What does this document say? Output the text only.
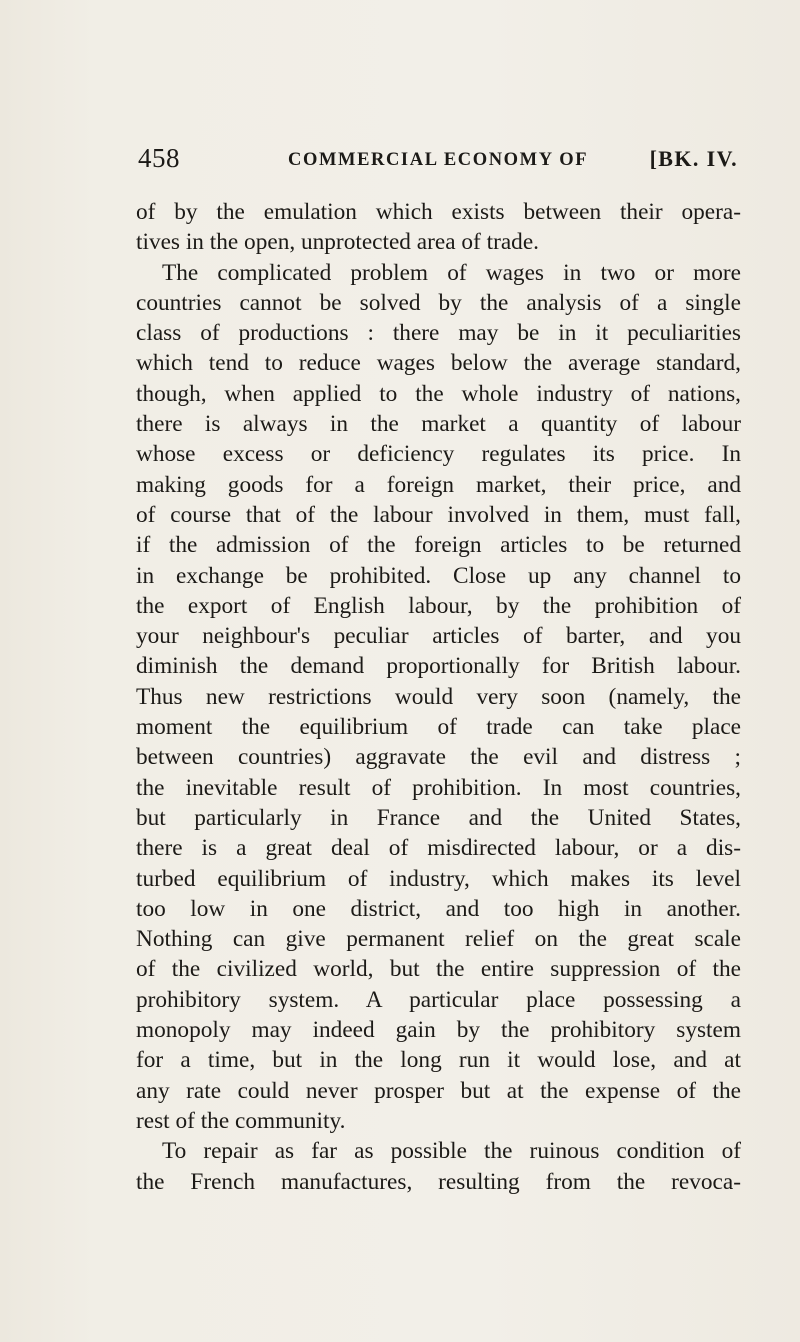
458	COMMERCIAL ECONOMY OF	[BK. IV.
of by the emulation which exists between their opera-
tives in the open, unprotected area of trade.
The complicated problem of wages in two or more
countries cannot be solved by the analysis of a single
class of productions : there may be in it peculiarities
which tend to reduce wages below the average standard,
though, when applied to the whole industry of nations,
there is always in the market a quantity of labour
whose excess or deficiency regulates its price. In
making goods for a foreign market, their price, and
of course that of the labour involved in them, must fall,
if the admission of the foreign articles to be returned
in exchange be prohibited. Close up any channel to
the export of English labour, by the prohibition of
your neighbour's peculiar articles of barter, and you
diminish the demand proportionally for British labour.
Thus new restrictions would very soon (namely, the
moment the equilibrium of trade can take place
between countries) aggravate the evil and distress ;
the inevitable result of prohibition. In most countries,
but particularly in France and the United States,
there is a great deal of misdirected labour, or a dis-
turbed equilibrium of industry, which makes its level
too low in one district, and too high in another.
Nothing can give permanent relief on the great scale
of the civilized world, but the entire suppression of the
prohibitory system. A particular place possessing a
monopoly may indeed gain by the prohibitory system
for a time, but in the long run it would lose, and at
any rate could never prosper but at the expense of the
rest of the community.
To repair as far as possible the ruinous condition of
the French manufactures, resulting from the revoca-
